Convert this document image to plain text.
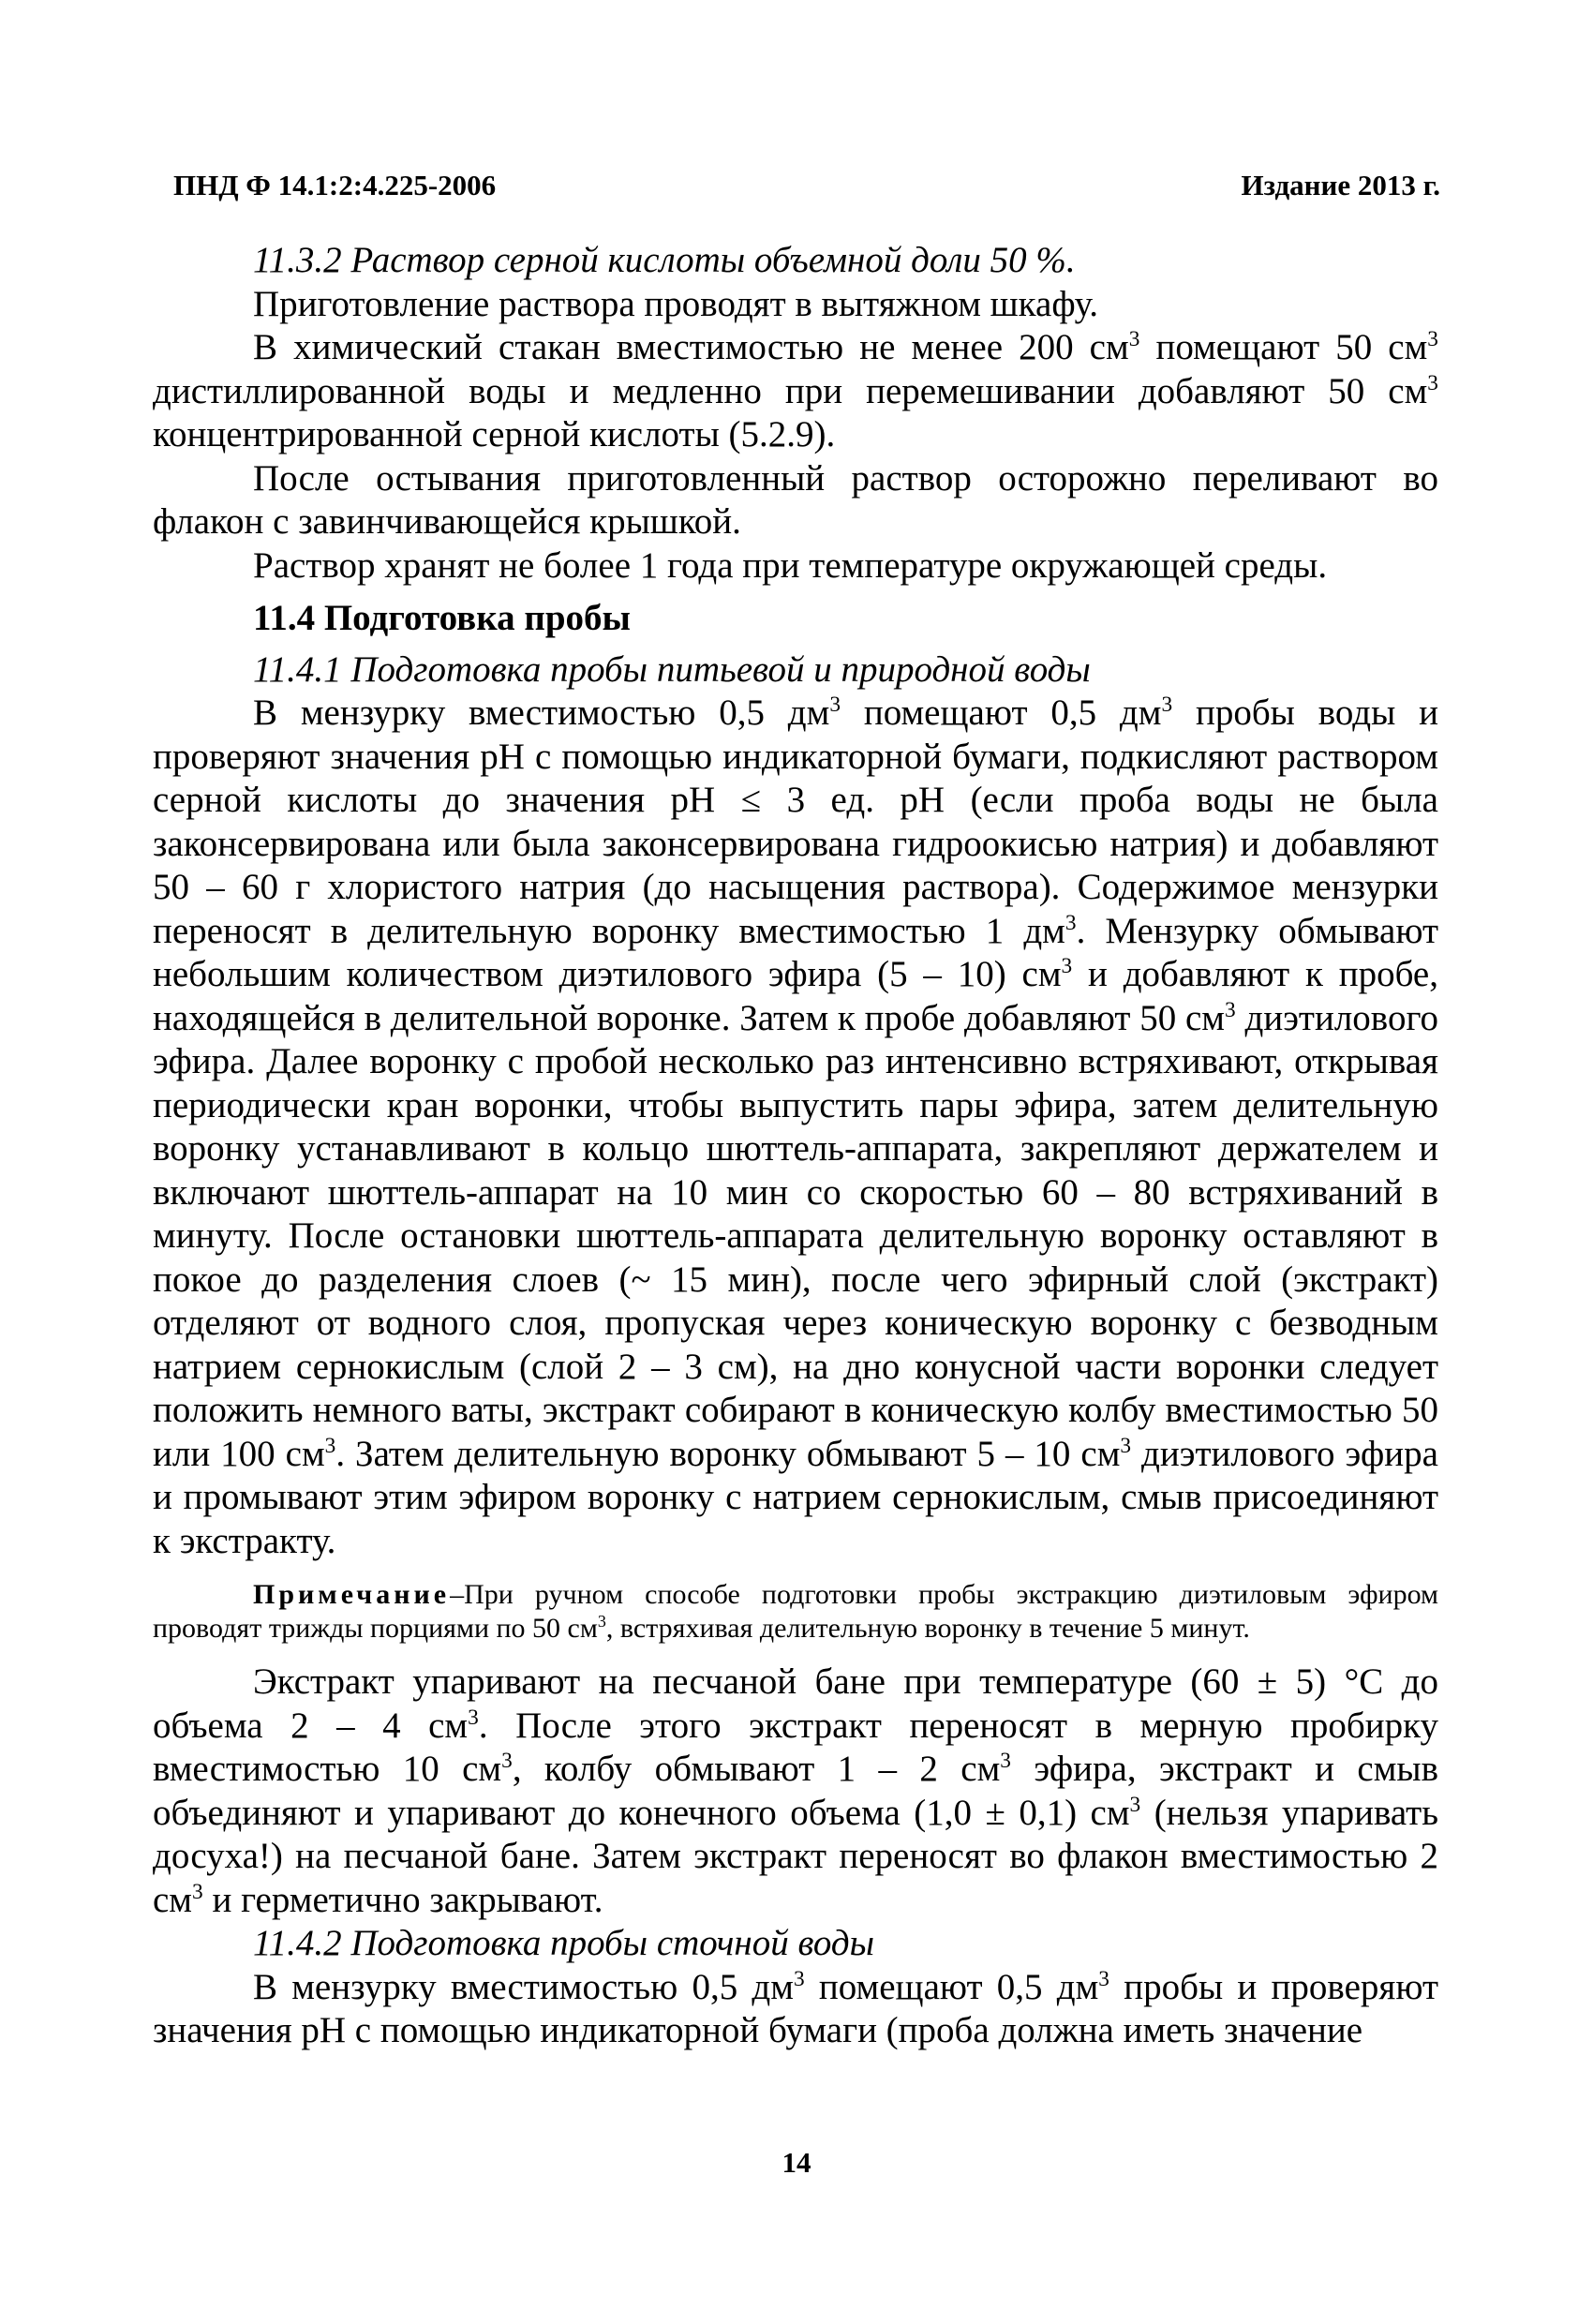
ПНД Ф 14.1:2:4.225-2006	Издание 2013 г.

11.3.2 Раствор серной кислоты объемной доли 50 %.

Приготовление раствора проводят в вытяжном шкафу.

В химический стакан вместимостью не менее 200 $см^3$ помещают 50 $см^3$ дистиллированной воды и медленно при перемешивании добавляют 50 $см^3$ концентрированной серной кислоты (5.2.9).

После остывания приготовленный раствор осторожно переливают во флакон с завинчивающейся крышкой.

Раствор хранят не более 1 года при температуре окружающей среды.

11.4 Подготовка пробы

11.4.1 Подготовка пробы питьевой и природной воды

В мензурку вместимостью 0,5 $дм^3$ помещают 0,5 $дм^3$ пробы воды и проверяют значения pH с помощью индикаторной бумаги, подкисляют раствором серной кислоты до значения pH ≤ 3 ед. pH (если проба воды не была законсервирована или была законсервирована гидроокисью натрия) и добавляют 50 – 60 г хлористого натрия (до насыщения раствора). Содержимое мензурки переносят в делительную воронку вместимостью 1 $дм^3$. Мензурку обмывают небольшим количеством диэтилового эфира (5 – 10) $см^3$ и добавляют к пробе, находящейся в делительной воронке. Затем к пробе добавляют 50 $см^3$ диэтилового эфира. Далее воронку с пробой несколько раз интенсивно встряхивают, открывая периодически кран воронки, чтобы выпустить пары эфира, затем делительную воронку устанавливают в кольцо шюттель-аппарата, закрепляют держателем и включают шюттель-аппарат на 10 мин со скоростью 60 – 80 встряхиваний в минуту. После остановки шюттель-аппарата делительную воронку оставляют в покое до разделения слоев (~ 15 мин), после чего эфирный слой (экстракт) отделяют от водного слоя, пропуская через коническую воронку с безводным натрием сернокислым (слой 2 – 3 см), на дно конусной части воронки следует положить немного ваты, экстракт собирают в коническую колбу вместимостью 50 или 100 $см^3$. Затем делительную воронку обмывают 5 – 10 $см^3$ диэтилового эфира и промывают этим эфиром воронку с натрием сернокислым, смыв присоединяют к экстракту.

Примечание–При ручном способе подготовки пробы экстракцию диэтиловым эфиром проводят трижды порциями по 50 $см^3$, встряхивая делительную воронку в течение 5 минут.

Экстракт упаривают на песчаной бане при температуре (60 ± 5) °С до объема 2 – 4 $см^3$. После этого экстракт переносят в мерную пробирку вместимостью 10 $см^3$, колбу обмывают 1 – 2 $см^3$ эфира, экстракт и смыв объединяют и упаривают до конечного объема (1,0 ± 0,1) $см^3$ (нельзя упаривать досуха!) на песчаной бане. Затем экстракт переносят во флакон вместимостью 2 $см^3$ и герметично закрывают.

11.4.2 Подготовка пробы сточной воды

В мензурку вместимостью 0,5 $дм^3$ помещают 0,5 $дм^3$ пробы и проверяют значения pH с помощью индикаторной бумаги (проба должна иметь значение

14
